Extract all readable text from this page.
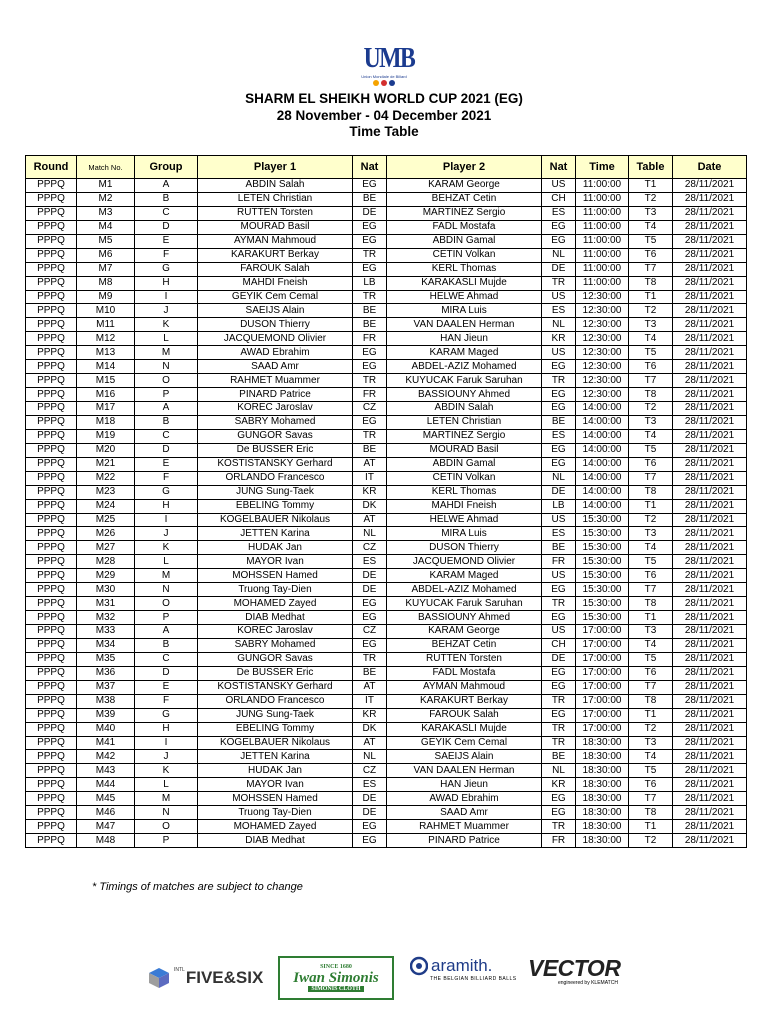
UMB
Union Mondiale de Billard
SHARM EL SHEIKH WORLD CUP 2021 (EG)
28 November - 04 December 2021
Time Table
Round	Match No.	Group	Player 1	Nat	Player 2	Nat	Time	Table	Date
PPPQ	M1	A	ABDIN Salah	EG	KARAM George	US	11:00:00	T1	28/11/2021
PPPQ	M2	B	LETEN Christian	BE	BEHZAT Cetin	CH	11:00:00	T2	28/11/2021
PPPQ	M3	C	RUTTEN Torsten	DE	MARTINEZ Sergio	ES	11:00:00	T3	28/11/2021
PPPQ	M4	D	MOURAD Basil	EG	FADL Mostafa	EG	11:00:00	T4	28/11/2021
PPPQ	M5	E	AYMAN Mahmoud	EG	ABDIN Gamal	EG	11:00:00	T5	28/11/2021
PPPQ	M6	F	KARAKURT Berkay	TR	CETIN Volkan	NL	11:00:00	T6	28/11/2021
PPPQ	M7	G	FAROUK Salah	EG	KERL Thomas	DE	11:00:00	T7	28/11/2021
PPPQ	M8	H	MAHDI Fneish	LB	KARAKASLI Mujde	TR	11:00:00	T8	28/11/2021
PPPQ	M9	I	GEYIK Cem Cemal	TR	HELWE Ahmad	US	12:30:00	T1	28/11/2021
PPPQ	M10	J	SAEIJS Alain	BE	MIRA Luis	ES	12:30:00	T2	28/11/2021
PPPQ	M11	K	DUSON Thierry	BE	VAN DAALEN Herman	NL	12:30:00	T3	28/11/2021
PPPQ	M12	L	JACQUEMOND Olivier	FR	HAN Jieun	KR	12:30:00	T4	28/11/2021
PPPQ	M13	M	AWAD Ebrahim	EG	KARAM Maged	US	12:30:00	T5	28/11/2021
PPPQ	M14	N	SAAD Amr	EG	ABDEL-AZIZ Mohamed	EG	12:30:00	T6	28/11/2021
PPPQ	M15	O	RAHMET Muammer	TR	KUYUCAK Faruk Saruhan	TR	12:30:00	T7	28/11/2021
PPPQ	M16	P	PINARD Patrice	FR	BASSIOUNY Ahmed	EG	12:30:00	T8	28/11/2021
PPPQ	M17	A	KOREC Jaroslav	CZ	ABDIN Salah	EG	14:00:00	T2	28/11/2021
PPPQ	M18	B	SABRY Mohamed	EG	LETEN Christian	BE	14:00:00	T3	28/11/2021
PPPQ	M19	C	GUNGOR Savas	TR	MARTINEZ Sergio	ES	14:00:00	T4	28/11/2021
PPPQ	M20	D	De BUSSER Eric	BE	MOURAD Basil	EG	14:00:00	T5	28/11/2021
PPPQ	M21	E	KOSTISTANSKY Gerhard	AT	ABDIN Gamal	EG	14:00:00	T6	28/11/2021
PPPQ	M22	F	ORLANDO Francesco	IT	CETIN Volkan	NL	14:00:00	T7	28/11/2021
PPPQ	M23	G	JUNG Sung-Taek	KR	KERL Thomas	DE	14:00:00	T8	28/11/2021
PPPQ	M24	H	EBELING Tommy	DK	MAHDI Fneish	LB	14:00:00	T1	28/11/2021
PPPQ	M25	I	KOGELBAUER Nikolaus	AT	HELWE Ahmad	US	15:30:00	T2	28/11/2021
PPPQ	M26	J	JETTEN Karina	NL	MIRA Luis	ES	15:30:00	T3	28/11/2021
PPPQ	M27	K	HUDAK Jan	CZ	DUSON Thierry	BE	15:30:00	T4	28/11/2021
PPPQ	M28	L	MAYOR Ivan	ES	JACQUEMOND Olivier	FR	15:30:00	T5	28/11/2021
PPPQ	M29	M	MOHSSEN Hamed	DE	KARAM Maged	US	15:30:00	T6	28/11/2021
PPPQ	M30	N	Truong Tay-Dien	DE	ABDEL-AZIZ Mohamed	EG	15:30:00	T7	28/11/2021
PPPQ	M31	O	MOHAMED Zayed	EG	KUYUCAK Faruk Saruhan	TR	15:30:00	T8	28/11/2021
PPPQ	M32	P	DIAB Medhat	EG	BASSIOUNY Ahmed	EG	15:30:00	T1	28/11/2021
PPPQ	M33	A	KOREC Jaroslav	CZ	KARAM George	US	17:00:00	T3	28/11/2021
PPPQ	M34	B	SABRY Mohamed	EG	BEHZAT Cetin	CH	17:00:00	T4	28/11/2021
PPPQ	M35	C	GUNGOR Savas	TR	RUTTEN Torsten	DE	17:00:00	T5	28/11/2021
PPPQ	M36	D	De BUSSER Eric	BE	FADL Mostafa	EG	17:00:00	T6	28/11/2021
PPPQ	M37	E	KOSTISTANSKY Gerhard	AT	AYMAN Mahmoud	EG	17:00:00	T7	28/11/2021
PPPQ	M38	F	ORLANDO Francesco	IT	KARAKURT Berkay	TR	17:00:00	T8	28/11/2021
PPPQ	M39	G	JUNG Sung-Taek	KR	FAROUK Salah	EG	17:00:00	T1	28/11/2021
PPPQ	M40	H	EBELING Tommy	DK	KARAKASLI Mujde	TR	17:00:00	T2	28/11/2021
PPPQ	M41	I	KOGELBAUER Nikolaus	AT	GEYIK Cem Cemal	TR	18:30:00	T3	28/11/2021
PPPQ	M42	J	JETTEN Karina	NL	SAEIJS Alain	BE	18:30:00	T4	28/11/2021
PPPQ	M43	K	HUDAK Jan	CZ	VAN DAALEN Herman	NL	18:30:00	T5	28/11/2021
PPPQ	M44	L	MAYOR Ivan	ES	HAN Jieun	KR	18:30:00	T6	28/11/2021
PPPQ	M45	M	MOHSSEN Hamed	DE	AWAD Ebrahim	EG	18:30:00	T7	28/11/2021
PPPQ	M46	N	Truong Tay-Dien	DE	SAAD Amr	EG	18:30:00	T8	28/11/2021
PPPQ	M47	O	MOHAMED Zayed	EG	RAHMET Muammer	TR	18:30:00	T1	28/11/2021
PPPQ	M48	P	DIAB Medhat	EG	PINARD Patrice	FR	18:30:00	T2	28/11/2021
* Timings of matches are subject to change
INTL FIVE&SIX
SINCE 1680
Iwan Simonis
SIMONIS CLOTH
aramith.
THE BELGIAN BILLIARD BALLS VECTOR
engineered by KLEMATCH
